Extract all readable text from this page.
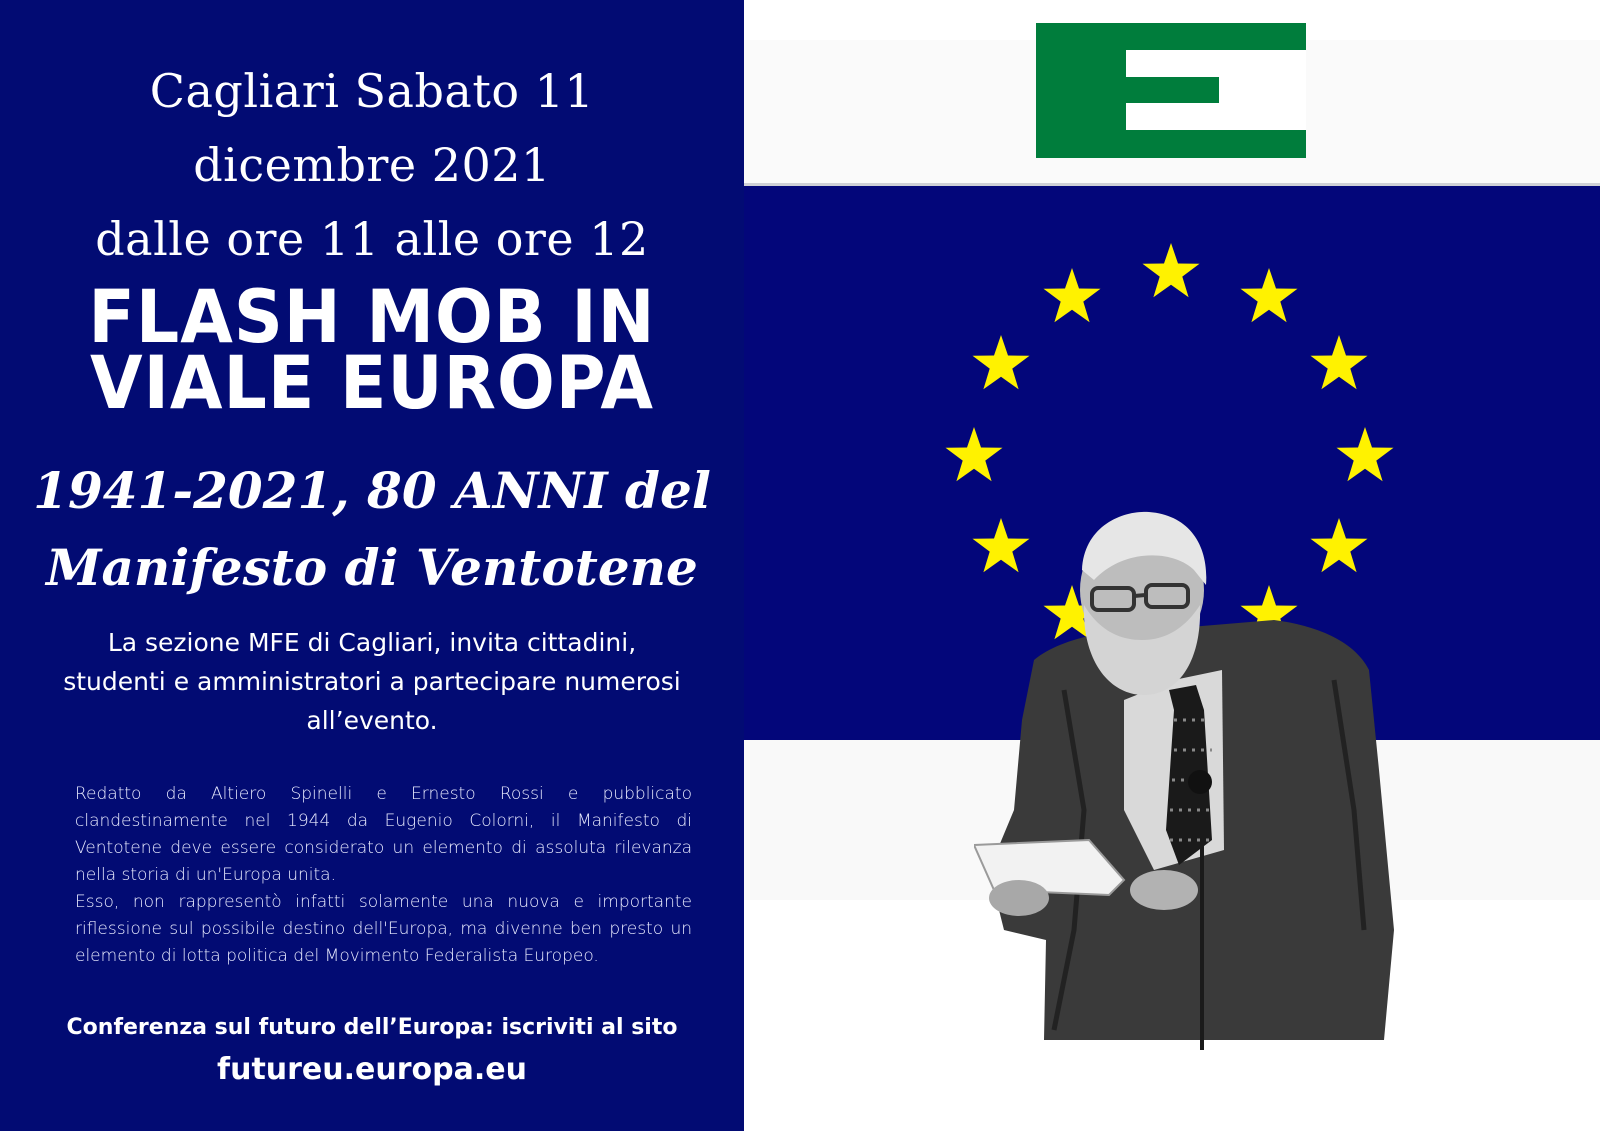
Cagliari Sabato 11
dicembre 2021
dalle ore 11 alle ore 12
FLASH MOB IN
VIALE EUROPA
1941-2021, 80 ANNI del
Manifesto di Ventotene
La sezione MFE di Cagliari, invita cittadini, studenti e amministratori a partecipare numerosi all’evento.

Redatto da Altiero Spinelli e Ernesto Rossi e pubblicato clandestinamente nel 1944 da Eugenio Colorni, il Manifesto di Ventotene deve essere considerato un elemento di assoluta rilevanza nella storia di un'Europa unita.

Esso, non rappresentò infatti solamente una nuova e importante riflessione sul possibile destino dell'Europa, ma divenne ben presto un elemento di lotta politica del Movimento Federalista Europeo.

Conferenza sul futuro dell’Europa: iscriviti al sito
futureu.europa.eu
